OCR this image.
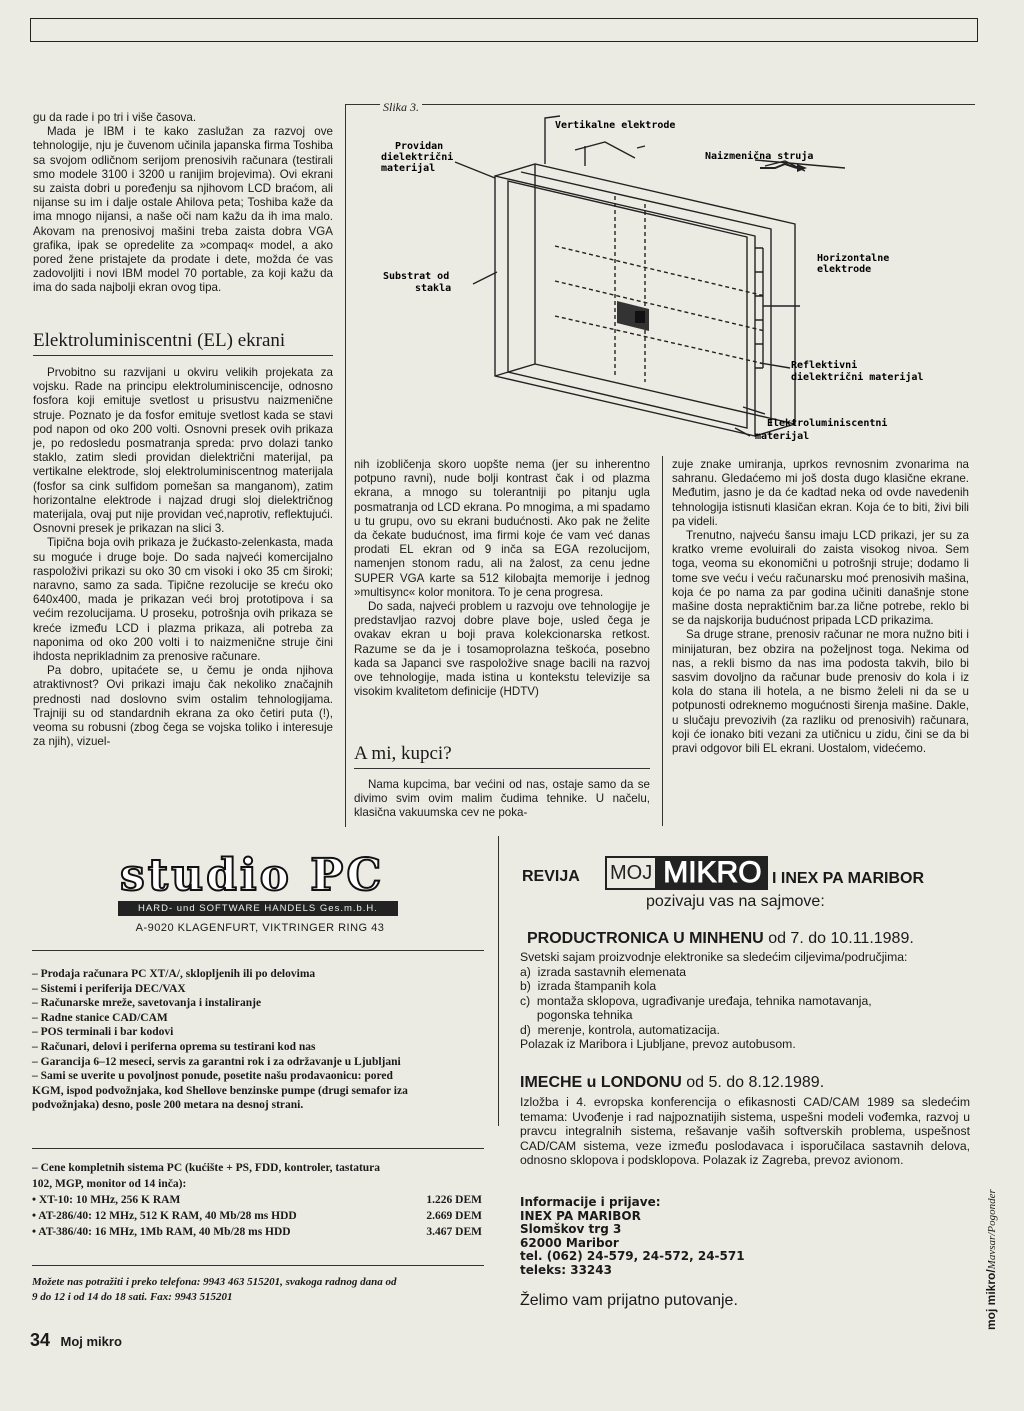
gu da rade i po tri i više časova.

Mada je IBM i te kako zaslužan za razvoj ove tehnologije, nju je čuvenom učinila japanska firma Toshiba sa svojom odličnom serijom prenosivih računara (testirali smo modele 3100 i 3200 u ranijim brojevima). Ovi ekrani su zaista dobri u poređenju sa njihovom LCD braćom, ali nijanse su im i dalje ostale Ahilova peta; Toshiba kaže da ima mnogo nijansi, a naše oči nam kažu da ih ima malo. Akovam na prenosivoj mašini treba zaista dobra VGA grafika, ipak se opredelite za »compaq« model, a ako pored žene pristajete da prodate i dete, možda će vas zadovoljiti i novi IBM model 70 portable, za koji kažu da ima do sada najbolji ekran ovog tipa.

Elektroluminiscentni (EL) ekrani

Prvobitno su razvijani u okviru velikih projekata za vojsku. Rade na principu elektroluminiscencije, odnosno fosfora koji emituje svetlost u prisustvu naizmenične struje. Poznato je da fosfor emituje svetlost kada se stavi pod napon od oko 200 volti. Osnovni presek ovih prikaza je, po redosledu posmatranja spreda: prvo dolazi tanko staklo, zatim sledi providan dielektrični materijal, pa vertikalne elektrode, sloj elektroluminiscentnog materijala (fosfor sa cink sulfidom pomešan sa manganom), zatim horizontalne elektrode i najzad drugi sloj dielektričnog materijala, ovaj put nije providan već,naprotiv, reflektujući. Osnovni presek je prikazan na slici 3.

Tipična boja ovih prikaza je žućkasto-zelenkasta, mada su moguće i druge boje. Do sada najveći komercijalno raspoloživi prikazi su oko 30 cm visoki i oko 35 cm široki; naravno, samo za sada. Tipične rezolucije se kreću oko 640x400, mada je prikazan veći broj prototipova i sa većim rezolucijama. U proseku, potrošnja ovih prikaza se kreće između LCD i plazma prikaza, ali potreba za naponima od oko 200 volti i to naizmenične struje čini ihdosta neprikladnim za prenosive računare.

Pa dobro, upitaćete se, u čemu je onda njihova atraktivnost? Ovi prikazi imaju čak nekoliko značajnih prednosti nad doslovno svim ostalim tehnologijama. Trajniji su od standardnih ekrana za oko četiri puta (!), veoma su robusni (zbog čega se vojska toliko i interesuje za njih), vizuel-

Slika 3.
Vertikalne elektrode
Providan
dielektrični
materijal
Naizmenična struja
Substrat od
stakla
Horizontalne
elektrode
Reflektivni
dielektrični materijal
Elektroluminiscentni
materijal

nih izobličenja skoro uopšte nema (jer su inherentno potpuno ravni), nude bolji kontrast čak i od plazma ekrana, a mnogo su tolerantniji po pitanju ugla posmatranja od LCD ekrana. Po mnogima, a mi spadamo u tu grupu, ovo su ekrani budućnosti. Ako pak ne želite da čekate budućnost, ima firmi koje će vam već danas prodati EL ekran od 9 inča sa EGA rezolucijom, namenjen stonom radu, ali na žalost, za cenu jedne SUPER VGA karte sa 512 kilobajta memorije i jednog »multisync« kolor monitora. To je cena progresa.

Do sada, najveći problem u razvoju ove tehnologije je predstavljao razvoj dobre plave boje, usled čega je ovakav ekran u boji prava kolekcionarska retkost. Razume se da je i tosamoprolazna teškoća, posebno kada sa Japanci sve raspoložive snage bacili na razvoj ove tehnologije, mada istina u kontekstu televizije sa visokim kvalitetom definicije (HDTV)

A mi, kupci?

Nama kupcima, bar većini od nas, ostaje samo da se divimo svim ovim malim čudima tehnike. U načelu, klasična vakuumska cev ne poka-

zuje znake umiranja, uprkos revnosnim zvonarima na sahranu. Gledaćemo mi još dosta dugo klasične ekrane. Međutim, jasno je da će kadtad neka od ovde navedenih tehnologija istisnuti klasičan ekran. Koja će to biti, živi bili pa videli.

Trenutno, najveću šansu imaju LCD prikazi, jer su za kratko vreme evoluirali do zaista visokog nivoa. Sem toga, veoma su ekonomični u potrošnji struje; dodamo li tome sve veću i veću računarsku moć prenosivih mašina, koja će po nama za par godina učiniti današnje stone mašine dosta nepraktičnim bar.za lične potrebe, reklo bi se da najskorija budućnost pripada LCD prikazima.

Sa druge strane, prenosiv računar ne mora nužno biti i minijaturan, bez obzira na poželjnost toga. Nekima od nas, a rekli bismo da nas ima podosta takvih, bilo bi sasvim dovoljno da računar bude prenosiv do kola i iz kola do stana ili hotela, a ne bismo želeli ni da se u potpunosti odreknemo mogućnosti širenja mašine. Dakle, u slučaju prevozivih (za razliku od prenosivih) računara, koji će ionako biti vezani za utičnicu u zidu, čini se da bi pravi odgovor bili EL ekrani. Uostalom, videćemo.

studio PC
HARD- und SOFTWARE HANDELS Ges.m.b.H.
A-9020 KLAGENFURT, VIKTRINGER RING 43
– Prodaja računara PC XT/A/, sklopljenih ili po delovima
– Sistemi i periferija DEC/VAX
– Računarske mreže, savetovanja i instaliranje
– Radne stanice CAD/CAM
– POS terminali i bar kodovi
– Računari, delovi i periferna oprema su testirani kod nas
– Garancija 6–12 meseci, servis za garantni rok i za održavanje u Ljubljani
– Sami se uverite u povoljnost ponude, posetite našu prodavaonicu: pored
KGM, ispod podvožnjaka, kod Shellove benzinske pumpe (drugi semafor iza
podvožnjaka) desno, posle 200 metara na desnoj strani.
– Cene kompletnih sistema PC (kućište + PS, FDD, kontroler, tastatura
102, MGP, monitor od 14 inča):
• XT-10: 10 MHz, 256 K RAM	1.226 DEM
• AT-286/40: 12 MHz, 512 K RAM, 40 Mb/28 ms HDD	2.669 DEM
• AT-386/40: 16 MHz, 1Mb RAM, 40 Mb/28 ms HDD	3.467 DEM
Možete nas potražiti i preko telefona: 9943 463 515201, svakoga radnog dana od
9 do 12 i od 14 do 18 sati. Fax: 9943 515201
REVIJA MOJ MIKRO I INEX PA MARIBOR
pozivaju vas na sajmove:
PRODUCTRONICA U MINHENU od 7. do 10.11.1989.
Svetski sajam proizvodnje elektronike sa sledećim ciljevima/područjima:
a)  izrada sastavnih elemenata
b)  izrada štampanih kola
c)  montaža sklopova, ugrađivanje uređaja, tehnika namotavanja,
pogonska tehnika
d)  merenje, kontrola, automatizacija.
Polazak iz Maribora i Ljubljane, prevoz autobusom.
IMECHE u LONDONU od 5. do 8.12.1989.
Izložba i 4. evropska konferencija o efikasnosti CAD/CAM 1989 sa sledećim temama: Uvođenje i rad najpoznatijih sistema, uspešni modeli vođemka, razvoj u pravcu integralnih sistema, rešavanje vaših softverskih problema, uspešnost CAD/CAM sistema, veze između poslodavaca i isporučilaca sastavnih delova, odnosno sklopova i podsklopova. Polazak iz Zagreba, prevoz avionom.
Informacije i prijave:
INEX PA MARIBOR
Slomškov trg 3
62000 Maribor
tel. (062) 24-579, 24-572, 24-571
teleks: 33243
Želimo vam prijatno putovanje.
34 Moj mikro
moj mikro/Mavsar/Pogonder
